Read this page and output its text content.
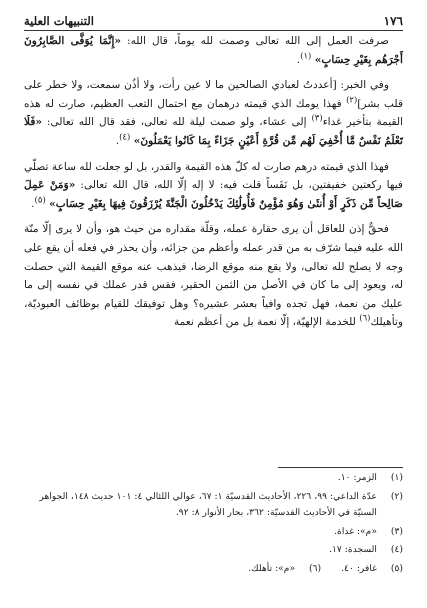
١٧٦
التنبيهات العلية

صرفت العمل إلى الله تعالى وصمت لله يوماً، قال الله: «إِنَّمَا يُوَفَّى الصَّابِرُونَ أَجْرَهُم بِغَيْرِ حِسَابٍ» $^{(١)}$.

وفي الخبر: [أعددتُ لعبادي الصالحين ما لا عين رأت، ولا أذُن سمعت، ولا خطر على قلب بشر]$^{(٢)}$ فهذا يومك الذي قيمته درهمان مع احتمال التعب العظيم، صارت له هذه القيمة بتأخير غداء$^{(٣)}$ إلى عشاء، ولو صمت ليلة لله تعالى، فقد قال الله تعالى: «فَلَا تَعْلَمُ نَفْسٌ مَّا أُخْفِيَ لَهُم مِّن قُرَّةِ أَعْيُنٍ جَزَاءً بِمَا كَانُوا يَعْمَلُونَ» $^{(٤)}$.

فهذا الذي قيمته درهم صارت له كلّ هذه القيمة والقدر، بل لو جعلت لله ساعة تصلّي فيها ركعتين خفيفتين، بل نَفَساً قلت فيه: لا إله إلّا الله، قال الله تعالى: «وَمَنْ عَمِلَ صَالِحاً مِّن ذَكَرٍ أَوْ أُنثَىٰ وَهُوَ مُؤْمِنٌ فَأُولَٰئِكَ يَدْخُلُونَ الْجَنَّةَ يُرْزَقُونَ فِيهَا بِغَيْرِ حِسَابٍ» $^{(٥)}$.

فحقٌّ إذن للعاقل أن يرى حقارة عمله، وقلّة مقداره من حيث هو، وأن لا يرى إلّا منّة الله عليه فيما شرّف به من قدر عمله وأعظم من جزائه، وأن يحذر في فعله أن يقع على وجه لا يصلح لله تعالى، ولا يقع منه موقع الرضا، فيذهب عنه موقع القيمة التي حصلت له، ويعود إلى ما كان في الأصل من الثمن الحقير، فقس قدر عملك في نفسه إلى ما عليك من نعمة، فهل تجده وافياً بعشر عشيره؟ وهل توفيقك للقيام بوظائف العبوديّة، وتأهيلك$^{(٦)}$ للخدمة الإلهيّة، إلّا نعمة بل من أعظم نعمة

(١)
الزمر: ١٠.
(٢)
عدّة الداعي: ٩٩، ٢٢٦، الأحاديث القدسيّة ١: ٦٧، عوالي اللئالي ٤: ١٠١ حديث ١٤٨، الجواهر السنيّة في الأحاديث القدسيّة: ٣٦٢، بحار الأنوار ٨: ٩٢.
(٣)
«م»: غداة.
(٤)
السجدة: ١٧.
(٥)
غافر: ٤٠.
(٦)
«م»: تأهلك.
